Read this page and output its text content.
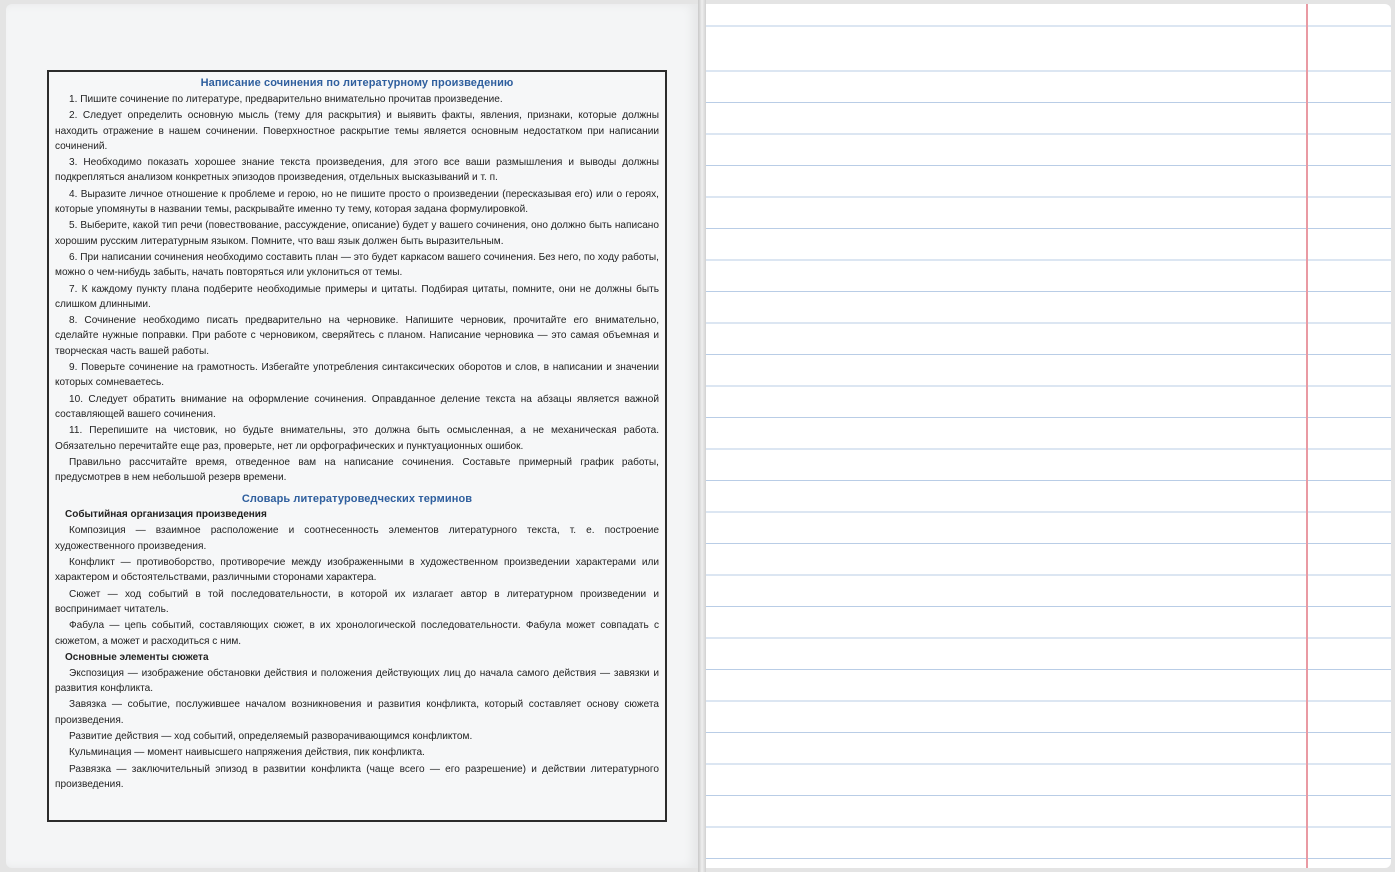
Написание сочинения по литературному произведению

1. Пишите сочинение по литературе, предварительно внимательно прочитав произведение.

2. Следует определить основную мысль (тему для раскрытия) и выявить факты, явления, признаки, которые должны находить отражение в нашем сочинении. Поверхностное раскрытие темы является основным недостатком при написании сочинений.

3. Необходимо показать хорошее знание текста произведения, для этого все ваши размышления и выводы должны подкрепляться анализом конкретных эпизодов произведения, отдельных высказываний и т. п.

4. Выразите личное отношение к проблеме и герою, но не пишите просто о произведении (пересказывая его) или о героях, которые упомянуты в названии темы, раскрывайте именно ту тему, которая задана формулировкой.

5. Выберите, какой тип речи (повествование, рассуждение, описание) будет у вашего сочинения, оно должно быть написано хорошим русским литературным языком. Помните, что ваш язык должен быть выразительным.

6. При написании сочинения необходимо составить план — это будет каркасом вашего сочинения. Без него, по ходу работы, можно о чем-нибудь забыть, начать повторяться или уклониться от темы.

7. К каждому пункту плана подберите необходимые примеры и цитаты. Подбирая цитаты, помните, они не должны быть слишком длинными.

8. Сочинение необходимо писать предварительно на черновике. Напишите черновик, прочитайте его внимательно, сделайте нужные поправки. При работе с черновиком, сверяйтесь с планом. Написание черновика — это самая объемная и творческая часть вашей работы.

9. Поверьте сочинение на грамотность. Избегайте употребления синтаксических оборотов и слов, в написании и значении которых сомневаетесь.

10. Следует обратить внимание на оформление сочинения. Оправданное деление текста на абзацы является важной составляющей вашего сочинения.

11. Перепишите на чистовик, но будьте внимательны, это должна быть осмысленная, а не механическая работа. Обязательно перечитайте еще раз, проверьте, нет ли орфографических и пунктуационных ошибок.

Правильно рассчитайте время, отведенное вам на написание сочинения. Составьте примерный график работы, предусмотрев в нем небольшой резерв времени.

Словарь литературоведческих терминов
Событийная организация произведения

Композиция — взаимное расположение и соотнесенность элементов литературного текста, т. е. построение художественного произведения.

Конфликт — противоборство, противоречие между изображенными в художественном произведении характерами или характером и обстоятельствами, различными сторонами характера.

Сюжет — ход событий в той последовательности, в которой их излагает автор в литературном произведении и воспринимает читатель.

Фабула — цепь событий, составляющих сюжет, в их хронологической последовательности. Фабула может совпадать с сюжетом, а может и расходиться с ним.

Основные элементы сюжета

Экспозиция — изображение обстановки действия и положения действующих лиц до начала самого действия — завязки и развития конфликта.

Завязка — событие, послужившее началом возникновения и развития конфликта, который составляет основу сюжета произведения.

Развитие действия — ход событий, определяемый разворачивающимся конфликтом.

Кульминация — момент наивысшего напряжения действия, пик конфликта.

Развязка — заключительный эпизод в развитии конфликта (чаще всего — его разрешение) и действии литературного произведения.
